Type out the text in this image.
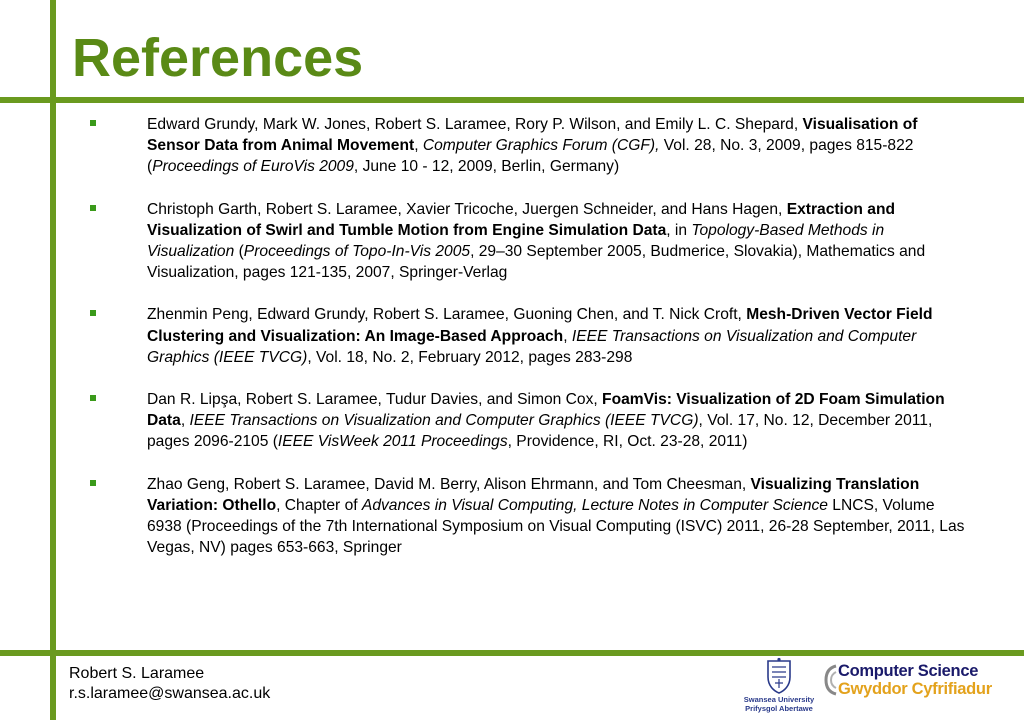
References
Edward Grundy, Mark W. Jones, Robert S. Laramee, Rory P. Wilson, and Emily L. C. Shepard, Visualisation of Sensor Data from Animal Movement, Computer Graphics Forum (CGF), Vol. 28, No. 3, 2009, pages 815-822 (Proceedings of EuroVis 2009, June 10 - 12, 2009, Berlin, Germany)
Christoph Garth, Robert S. Laramee, Xavier Tricoche, Juergen Schneider, and Hans Hagen, Extraction and Visualization of Swirl and Tumble Motion from Engine Simulation Data, in Topology-Based Methods in Visualization (Proceedings of Topo-In-Vis 2005, 29–30 September 2005, Budmerice, Slovakia), Mathematics and Visualization, pages 121-135, 2007, Springer-Verlag
Zhenmin Peng, Edward Grundy, Robert S. Laramee, Guoning Chen, and T. Nick Croft, Mesh-Driven Vector Field Clustering and Visualization: An Image-Based Approach, IEEE Transactions on Visualization and Computer Graphics (IEEE TVCG), Vol. 18, No. 2, February 2012, pages 283-298
Dan R. Lipşa, Robert S. Laramee, Tudur Davies, and Simon Cox, FoamVis: Visualization of 2D Foam Simulation Data, IEEE Transactions on Visualization and Computer Graphics (IEEE TVCG), Vol. 17, No. 12, December 2011, pages 2096-2105 (IEEE VisWeek 2011 Proceedings, Providence, RI, Oct. 23-28, 2011)
Zhao Geng, Robert S. Laramee, David M. Berry, Alison Ehrmann, and Tom Cheesman, Visualizing Translation Variation: Othello, Chapter of Advances in Visual Computing, Lecture Notes in Computer Science LNCS, Volume 6938 (Proceedings of the 7th International Symposium on Visual Computing (ISVC) 2011, 26-28 September, 2011, Las Vegas, NV) pages 653-663, Springer
Robert S. Laramee
r.s.laramee@swansea.ac.uk	Swansea University
Prifysgol Abertawe
Computer Science
Gwyddor Cyfrifiadur
